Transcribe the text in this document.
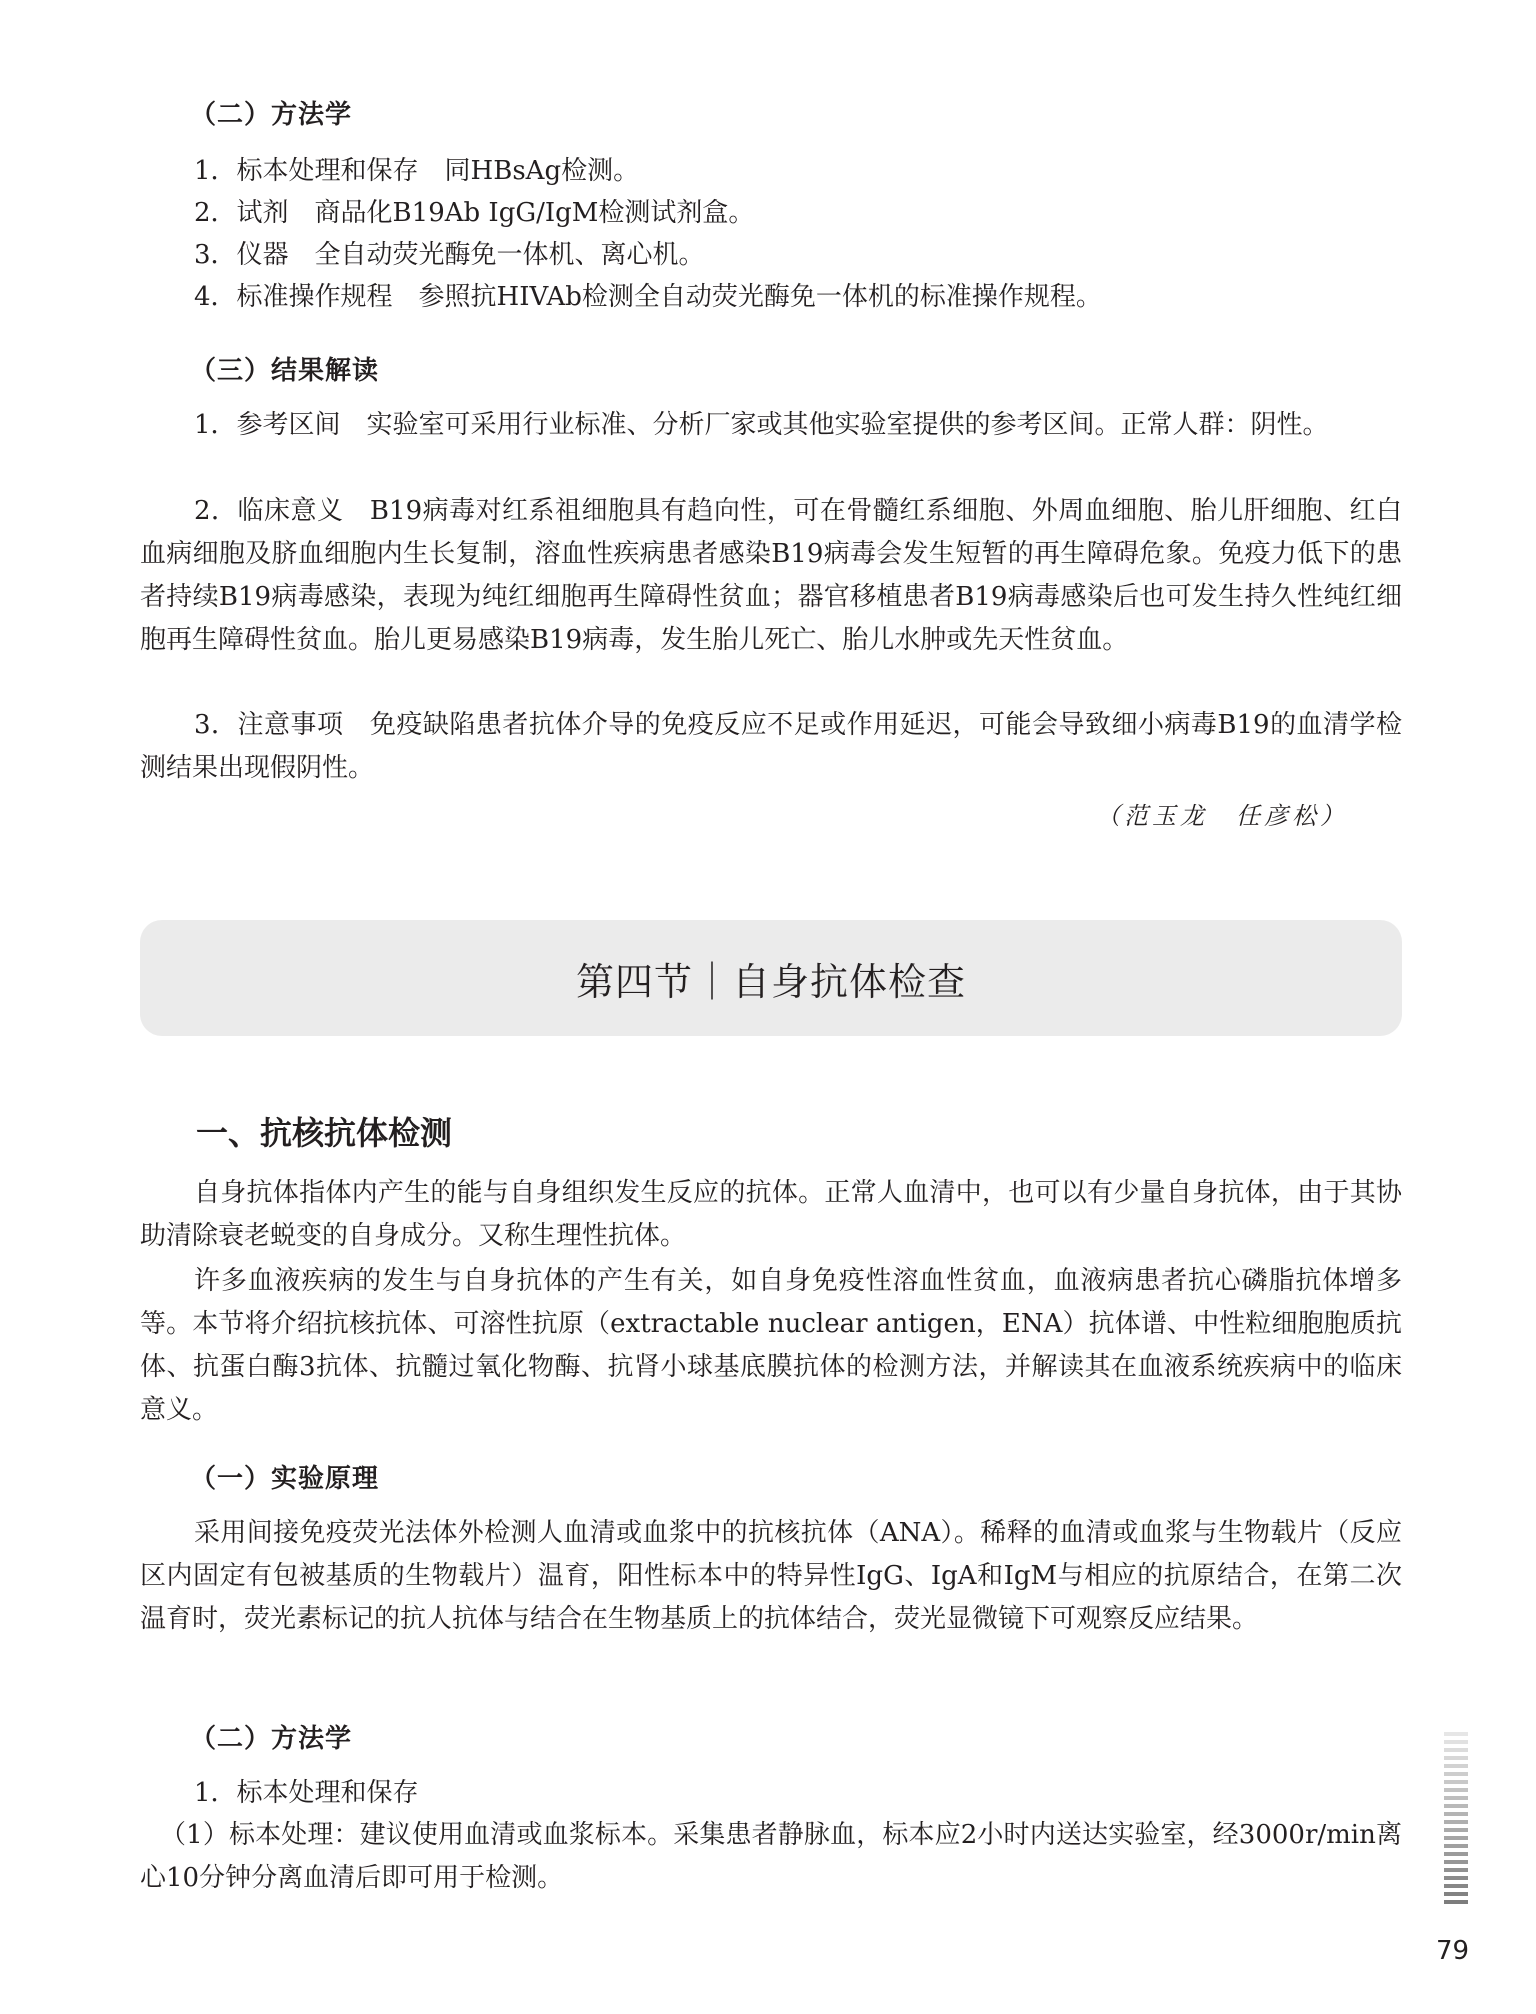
（二）方法学

1．标本处理和保存　同HBsAg检测。

2．试剂　商品化B19Ab IgG/IgM检测试剂盒。

3．仪器　全自动荧光酶免一体机、离心机。

4．标准操作规程　参照抗HIVAb检测全自动荧光酶免一体机的标准操作规程。

（三）结果解读

1．参考区间　实验室可采用行业标准、分析厂家或其他实验室提供的参考区间。正常人群：阴性。

2．临床意义　B19病毒对红系祖细胞具有趋向性，可在骨髓红系细胞、外周血细胞、胎儿肝细胞、红白血病细胞及脐血细胞内生长复制，溶血性疾病患者感染B19病毒会发生短暂的再生障碍危象。免疫力低下的患者持续B19病毒感染，表现为纯红细胞再生障碍性贫血；器官移植患者B19病毒感染后也可发生持久性纯红细胞再生障碍性贫血。胎儿更易感染B19病毒，发生胎儿死亡、胎儿水肿或先天性贫血。

3．注意事项　免疫缺陷患者抗体介导的免疫反应不足或作用延迟，可能会导致细小病毒B19的血清学检测结果出现假阴性。

（范玉龙　任彦松）

第四节｜自身抗体检查

一、抗核抗体检测

自身抗体指体内产生的能与自身组织发生反应的抗体。正常人血清中，也可以有少量自身抗体，由于其协助清除衰老蜕变的自身成分。又称生理性抗体。

许多血液疾病的发生与自身抗体的产生有关，如自身免疫性溶血性贫血，血液病患者抗心磷脂抗体增多等。本节将介绍抗核抗体、可溶性抗原（extractable nuclear antigen，ENA）抗体谱、中性粒细胞胞质抗体、抗蛋白酶3抗体、抗髓过氧化物酶、抗肾小球基底膜抗体的检测方法，并解读其在血液系统疾病中的临床意义。

（一）实验原理

采用间接免疫荧光法体外检测人血清或血浆中的抗核抗体（ANA）。稀释的血清或血浆与生物载片（反应区内固定有包被基质的生物载片）温育，阳性标本中的特异性IgG、IgA和IgM与相应的抗原结合，在第二次温育时，荧光素标记的抗人抗体与结合在生物基质上的抗体结合，荧光显微镜下可观察反应结果。

（二）方法学

1．标本处理和保存

（1）标本处理：建议使用血清或血浆标本。采集患者静脉血，标本应2小时内送达实验室，经3000r/min离心10分钟分离血清后即可用于检测。

79
